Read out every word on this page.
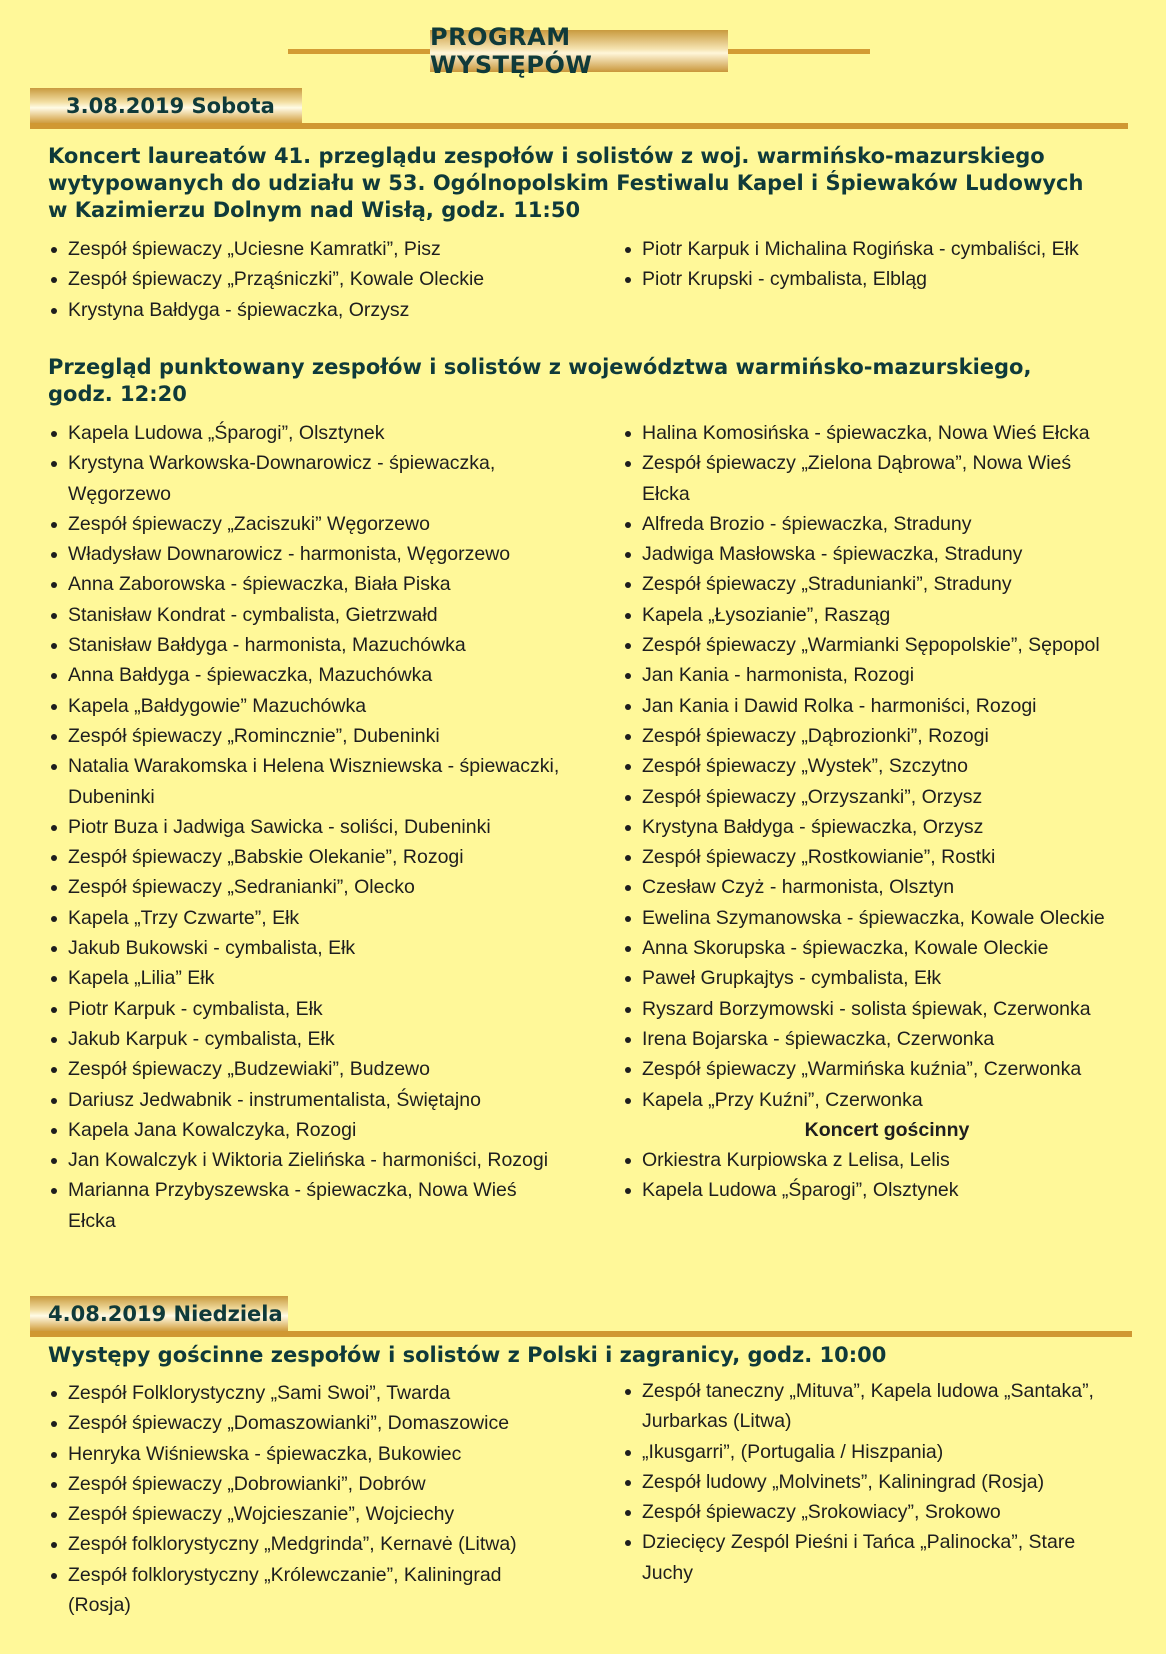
PROGRAM WYSTĘPÓW
3.08.2019 Sobota
Koncert laureatów 41. przeglądu zespołów i solistów z woj. warmińsko-mazurskiego
wytypowanych do udziału w 53. Ogólnopolskim Festiwalu Kapel i Śpiewaków Ludowych
w Kazimierzu Dolnym nad Wisłą, godz. 11:50
Zespół śpiewaczy „Uciesne Kamratki”, Pisz
Zespół śpiewaczy „Prząśniczki”, Kowale Oleckie
Krystyna Bałdyga - śpiewaczka, Orzysz
Piotr Karpuk i Michalina Rogińska - cymbaliści, Ełk
Piotr Krupski - cymbalista, Elbląg
Przegląd punktowany zespołów i solistów z województwa warmińsko-mazurskiego,
godz. 12:20
Kapela Ludowa „Śparogi”, Olsztynek
Krystyna Warkowska-Downarowicz - śpiewaczka, Węgorzewo
Zespół śpiewaczy „Zaciszuki” Węgorzewo
Władysław Downarowicz - harmonista, Węgorzewo
Anna Zaborowska - śpiewaczka, Biała Piska
Stanisław Kondrat - cymbalista, Gietrzwałd
Stanisław Bałdyga - harmonista, Mazuchówka
Anna Bałdyga - śpiewaczka, Mazuchówka
Kapela „Bałdygowie” Mazuchówka
Zespół śpiewaczy „Romincznie”, Dubeninki
Natalia Warakomska i Helena Wiszniewska - śpiewaczki, Dubeninki
Piotr Buza i Jadwiga Sawicka - soliści, Dubeninki
Zespół śpiewaczy „Babskie Olekanie”, Rozogi
Zespół śpiewaczy „Sedranianki”, Olecko
Kapela „Trzy Czwarte”, Ełk
Jakub Bukowski - cymbalista, Ełk
Kapela „Lilia” Ełk
Piotr Karpuk - cymbalista, Ełk
Jakub Karpuk - cymbalista, Ełk
Zespół śpiewaczy „Budzewiaki”, Budzewo
Dariusz Jedwabnik - instrumentalista, Świętajno
Kapela Jana Kowalczyka, Rozogi
Jan Kowalczyk i Wiktoria Zielińska - harmoniści, Rozogi
Marianna Przybyszewska - śpiewaczka, Nowa Wieś Ełcka
Halina Komosińska - śpiewaczka, Nowa Wieś Ełcka
Zespół śpiewaczy „Zielona Dąbrowa”, Nowa Wieś Ełcka
Alfreda Brozio - śpiewaczka, Straduny
Jadwiga Masłowska - śpiewaczka, Straduny
Zespół śpiewaczy „Stradunianki”, Straduny
Kapela „Łysozianie”, Rasząg
Zespół śpiewaczy „Warmianki Sępopolskie”, Sępopol
Jan Kania - harmonista, Rozogi
Jan Kania i Dawid Rolka - harmoniści, Rozogi
Zespół śpiewaczy „Dąbrozionki”, Rozogi
Zespół śpiewaczy „Wystek”, Szczytno
Zespół śpiewaczy „Orzyszanki”, Orzysz
Krystyna Bałdyga - śpiewaczka, Orzysz
Zespół śpiewaczy „Rostkowianie”, Rostki
Czesław Czyż - harmonista, Olsztyn
Ewelina Szymanowska - śpiewaczka, Kowale Oleckie
Anna Skorupska - śpiewaczka, Kowale Oleckie
Paweł Grupkajtys - cymbalista, Ełk
Ryszard Borzymowski - solista śpiewak, Czerwonka
Irena Bojarska - śpiewaczka, Czerwonka
Zespół śpiewaczy „Warmińska kuźnia”, Czerwonka
Kapela „Przy Kuźni”, Czerwonka
Koncert gościnny
Orkiestra Kurpiowska z Lelisa, Lelis
Kapela Ludowa „Śparogi”, Olsztynek
4.08.2019 Niedziela
Występy gościnne zespołów i solistów z Polski i zagranicy, godz. 10:00
Zespół Folklorystyczny „Sami Swoi”, Twarda
Zespół śpiewaczy „Domaszowianki”, Domaszowice
Henryka Wiśniewska - śpiewaczka, Bukowiec
Zespół śpiewaczy „Dobrowianki”, Dobrów
Zespół śpiewaczy „Wojcieszanie”, Wojciechy
Zespół folklorystyczny „Medgrinda”, Kernavė (Litwa)
Zespół folklorystyczny „Królewczanie”, Kaliningrad (Rosja)
Zespół taneczny „Mituva”, Kapela ludowa „Santaka”, Jurbarkas (Litwa)
„Ikusgarri”, (Portugalia / Hiszpania)
Zespół ludowy „Molvinets”, Kaliningrad (Rosja)
Zespół śpiewaczy „Srokowiacy”, Srokowo
Dziecięcy Zespól Pieśni i Tańca „Palinocka”, Stare Juchy
